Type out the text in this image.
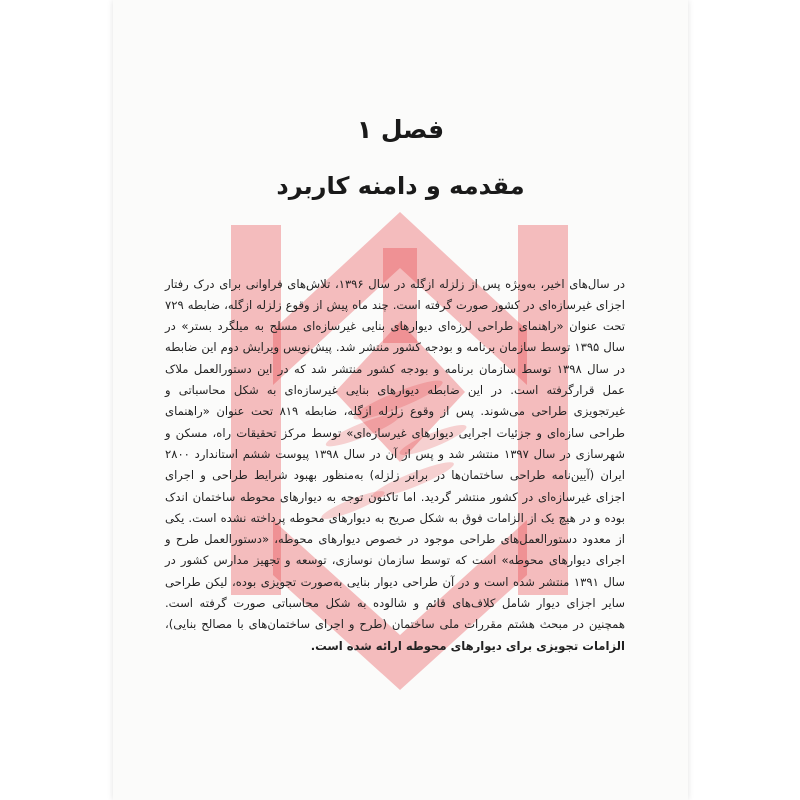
فصل ۱
مقدمه و دامنه کاربرد

در سال‌های اخیر، به‌ویژه پس از زلزله ازگله در سال ۱۳۹۶، تلاش‌های فراوانی برای درک رفتار اجزای غیرسازه‌ای در کشور صورت گرفته است. چند ماه پیش از وقوع زلزله ازگله، ضابطه ۷۲۹ تحت عنوان «راهنمای طراحی لرزه‌ای دیوارهای بنایی غیرسازه‌ای مسلح به میلگرد بستر» در سال ۱۳۹۵ توسط سازمان برنامه و بودجه کشور منتشر شد. پیش‌نویس ویرایش دوم این ضابطه در سال ۱۳۹۸ توسط سازمان برنامه و بودجه کشور منتشر شد که در این دستورالعمل ملاک عمل قرارگرفته است. در این ضابطه دیوارهای بنایی غیرسازه‌ای به شکل محاسباتی و غیرتجویزی طراحی می‌شوند. پس از وقوع زلزله ازگله، ضابطه ۸۱۹ تحت عنوان «راهنمای طراحی سازه‌ای و جزئیات اجرایی دیوارهای غیرسازه‌ای» توسط مرکز تحقیقات راه، مسکن و شهرسازی در سال ۱۳۹۷ منتشر شد و پس از آن در سال ۱۳۹۸ پیوست ششم استاندارد ۲۸۰۰ ایران (آیین‌نامه طراحی ساختمان‌ها در برابر زلزله) به‌منظور بهبود شرایط طراحی و اجرای اجزای غیرسازه‌ای در کشور منتشر گردید. اما تاکنون توجه به دیوارهای محوطه ساختمان اندک بوده و در هیچ یک از الزامات فوق به شکل صریح به دیوارهای محوطه پرداخته نشده است. یکی از معدود دستورالعمل‌های طراحی موجود در خصوص دیوارهای محوطه، «دستورالعمل طرح و اجرای دیوارهای محوطه» است که توسط سازمان نوسازی، توسعه و تجهیز مدارس کشور در سال ۱۳۹۱ منتشر شده است و در آن طراحی دیوار بنایی به‌صورت تجویزی بوده، لیکن طراحی سایر اجزای دیوار شامل کلاف‌های قائم و شالوده به شکل محاسباتی صورت گرفته است. همچنین در مبحث هشتم مقررات ملی ساختمان (طرح و اجرای ساختمان‌های با مصالح بنایی)، الزامات تجویزی برای دیوارهای محوطه ارائه شده است.
